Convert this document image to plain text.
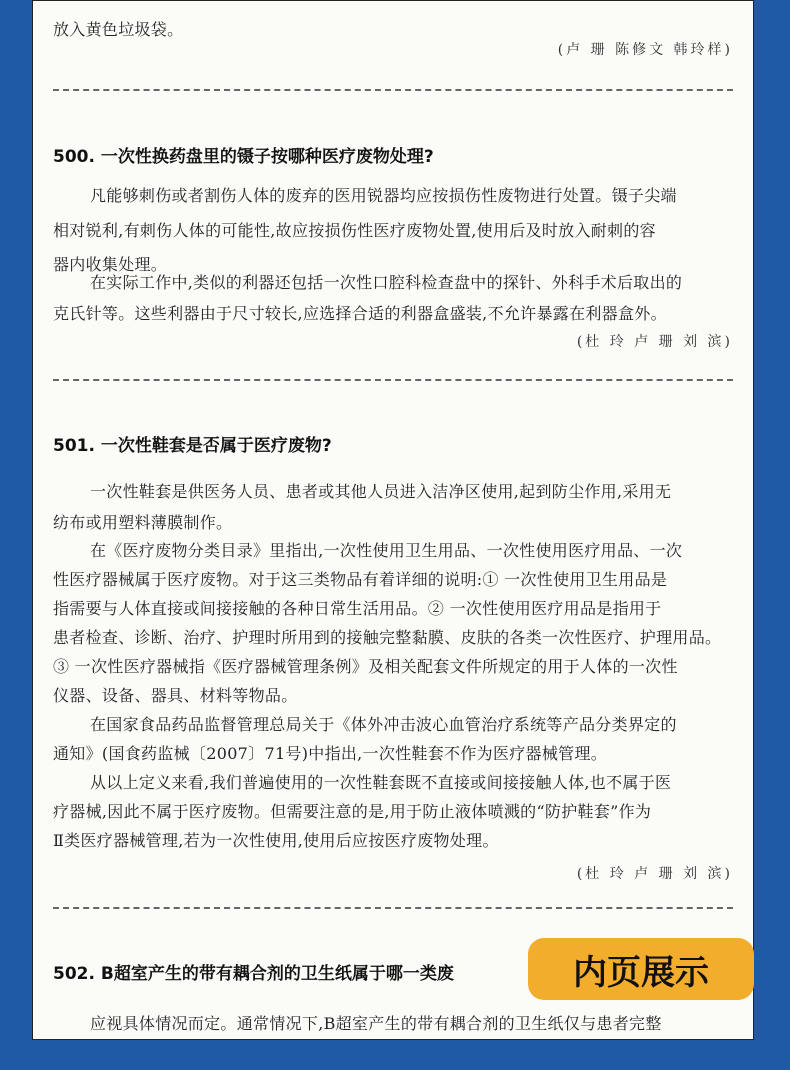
放入黄色垃圾袋。
(卢 珊 陈修文 韩玲样)
500. 一次性换药盘里的镊子按哪种医疗废物处理?
凡能够刺伤或者割伤人体的废弃的医用锐器均应按损伤性废物进行处置。镊子尖端
相对锐利,有刺伤人体的可能性,故应按损伤性医疗废物处置,使用后及时放入耐刺的容
器内收集处理。
在实际工作中,类似的利器还包括一次性口腔科检查盘中的探针、外科手术后取出的
克氏针等。这些利器由于尺寸较长,应选择合适的利器盒盛装,不允许暴露在利器盒外。
(杜 玲 卢 珊 刘 滨)
501. 一次性鞋套是否属于医疗废物?
一次性鞋套是供医务人员、患者或其他人员进入洁净区使用,起到防尘作用,采用无
纺布或用塑料薄膜制作。
在《医疗废物分类目录》里指出,一次性使用卫生用品、一次性使用医疗用品、一次
性医疗器械属于医疗废物。对于这三类物品有着详细的说明:① 一次性使用卫生用品是
指需要与人体直接或间接接触的各种日常生活用品。② 一次性使用医疗用品是指用于
患者检查、诊断、治疗、护理时所用到的接触完整黏膜、皮肤的各类一次性医疗、护理用品。
③ 一次性医疗器械指《医疗器械管理条例》及相关配套文件所规定的用于人体的一次性
仪器、设备、器具、材料等物品。
在国家食品药品监督管理总局关于《体外冲击波心血管治疗系统等产品分类界定的
通知》(国食药监械〔2007〕71号)中指出,一次性鞋套不作为医疗器械管理。
从以上定义来看,我们普遍使用的一次性鞋套既不直接或间接接触人体,也不属于医
疗器械,因此不属于医疗废物。但需要注意的是,用于防止液体喷溅的“防护鞋套”作为
Ⅱ类医疗器械管理,若为一次性使用,使用后应按医疗废物处理。
(杜 玲 卢 珊 刘 滨)
502. B超室产生的带有耦合剂的卫生纸属于哪一类废
应视具体情况而定。通常情况下,B超室产生的带有耦合剂的卫生纸仅与患者完整
内页展示
